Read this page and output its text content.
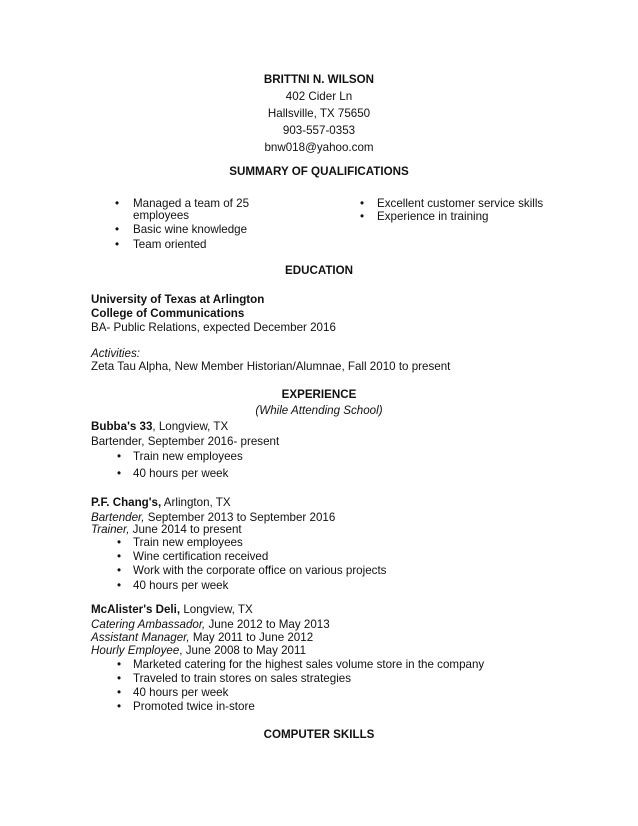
BRITTNI N. WILSON
402 Cider Ln
Hallsville, TX 75650
903-557-0353
bnw018@yahoo.com
SUMMARY OF QUALIFICATIONS
• Managed a team of 25
employees
• Basic wine knowledge
• Team oriented
• Excellent customer service skills
• Experience in training
EDUCATION
University of Texas at Arlington
College of Communications
BA- Public Relations, expected December 2016
Activities:
Zeta Tau Alpha, New Member Historian/Alumnae, Fall 2010 to present
EXPERIENCE
(While Attending School)
Bubba's 33, Longview, TX
Bartender, September 2016- present
• Train new employees
• 40 hours per week
P.F. Chang's, Arlington, TX
Bartender, September 2013 to September 2016
Trainer, June 2014 to present
• Train new employees
• Wine certification received
• Work with the corporate office on various projects
• 40 hours per week
McAlister's Deli, Longview, TX
Catering Ambassador, June 2012 to May 2013
Assistant Manager, May 2011 to June 2012
Hourly Employee, June 2008 to May 2011
• Marketed catering for the highest sales volume store in the company
• Traveled to train stores on sales strategies
• 40 hours per week
• Promoted twice in-store
COMPUTER SKILLS
